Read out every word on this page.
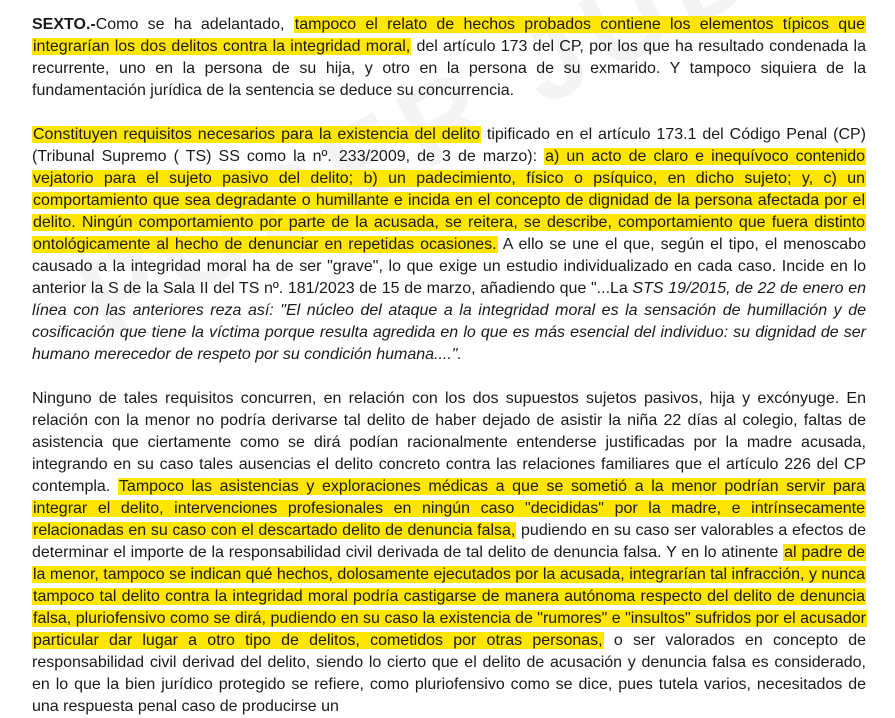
SEXTO.-Como se ha adelantado, tampoco el relato de hechos probados contiene los elementos típicos que integrarían los dos delitos contra la integridad moral, del artículo 173 del CP, por los que ha resultado condenada la recurrente, uno en la persona de su hija, y otro en la persona de su exmarido. Y tampoco siquiera de la fundamentación jurídica de la sentencia se deduce su concurrencia.

Constituyen requisitos necesarios para la existencia del delito tipificado en el artículo 173.1 del Código Penal (CP) (Tribunal Supremo ( TS) SS como la nº. 233/2009, de 3 de marzo): a) un acto de claro e inequívoco contenido vejatorio para el sujeto pasivo del delito; b) un padecimiento, físico o psíquico, en dicho sujeto; y, c) un comportamiento que sea degradante o humillante e incida en el concepto de dignidad de la persona afectada por el delito. Ningún comportamiento por parte de la acusada, se reitera, se describe, comportamiento que fuera distinto ontológicamente al hecho de denunciar en repetidas ocasiones. A ello se une el que, según el tipo, el menoscabo causado a la integridad moral ha de ser "grave", lo que exige un estudio individualizado en cada caso. Incide en lo anterior la S de la Sala II del TS nº. 181/2023 de 15 de marzo, añadiendo que "...La STS 19/2015, de 22 de enero en línea con las anteriores reza así: "El núcleo del ataque a la integridad moral es la sensación de humillación y de cosificación que tiene la víctima porque resulta agredida en lo que es más esencial del individuo: su dignidad de ser humano merecedor de respeto por su condición humana....".

Ninguno de tales requisitos concurren, en relación con los dos supuestos sujetos pasivos, hija y excónyuge. En relación con la menor no podría derivarse tal delito de haber dejado de asistir la niña 22 días al colegio, faltas de asistencia que ciertamente como se dirá podían racionalmente entenderse justificadas por la madre acusada, integrando en su caso tales ausencias el delito concreto contra las relaciones familiares que el artículo 226 del CP contempla. Tampoco las asistencias y exploraciones médicas a que se sometió a la menor podrían servir para integrar el delito, intervenciones profesionales en ningún caso "decididas" por la madre, e intrínsecamente relacionadas en su caso con el descartado delito de denuncia falsa, pudiendo en su caso ser valorables a efectos de determinar el importe de la responsabilidad civil derivada de tal delito de denuncia falsa. Y en lo atinente al padre de la menor, tampoco se indican qué hechos, dolosamente ejecutados por la acusada, integrarían tal infracción, y nunca tampoco tal delito contra la integridad moral podría castigarse de manera autónoma respecto del delito de denuncia falsa, pluriofensivo como se dirá, pudiendo en su caso la existencia de "rumores" e "insultos" sufridos por el acusador particular dar lugar a otro tipo de delitos, cometidos por otras personas, o ser valorados en concepto de responsabilidad civil derivad del delito, siendo lo cierto que el delito de acusación y denuncia falsa es considerado, en lo que la bien jurídico protegido se refiere, como pluriofensivo como se dice, pues tutela varios, necesitados de una respuesta penal caso de producirse un
